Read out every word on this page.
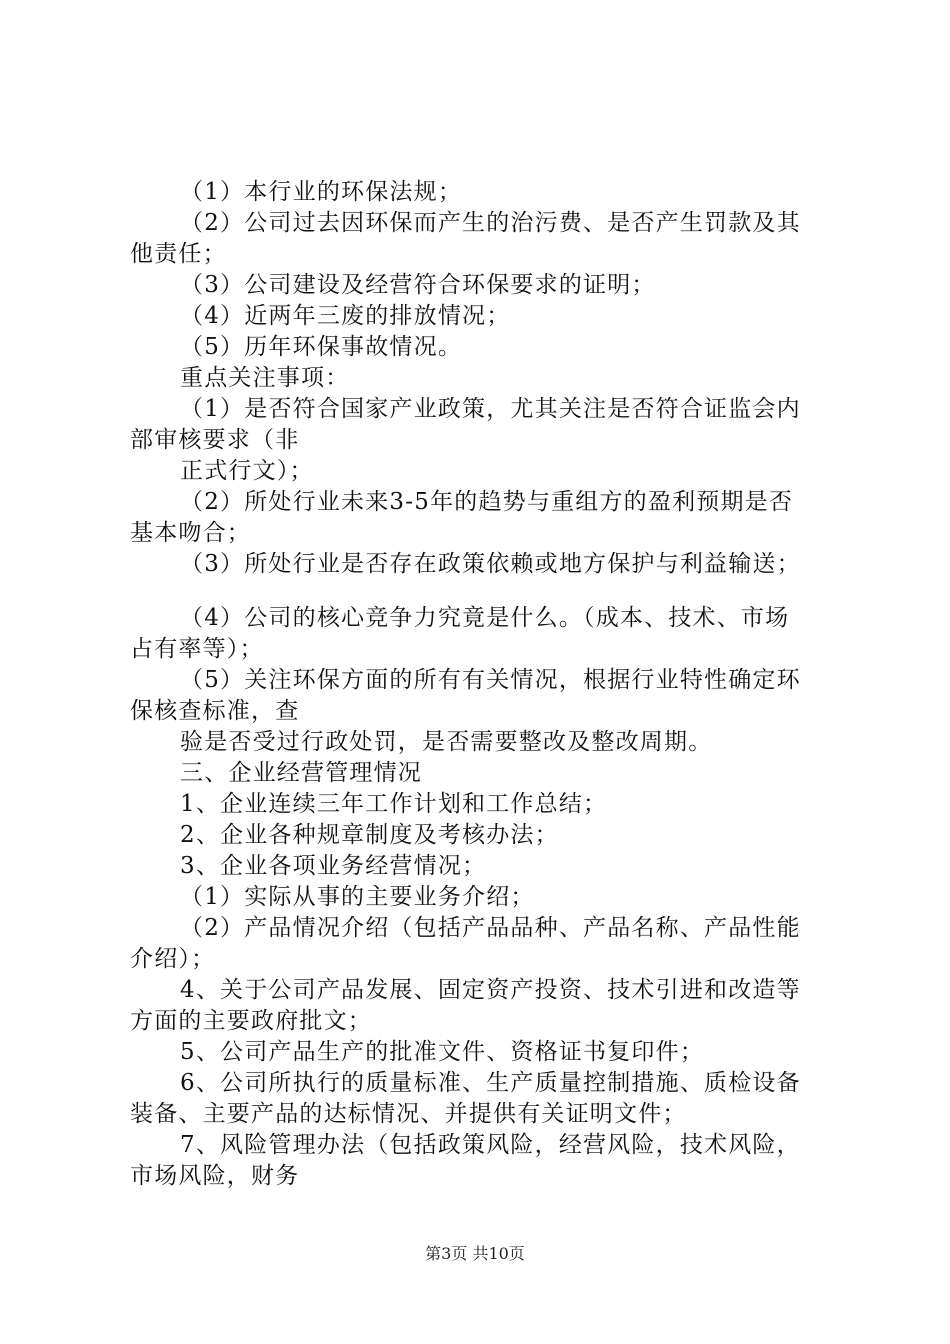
（1）本行业的环保法规；

（2）公司过去因环保而产生的治污费、是否产生罚款及其

他责任；

（3）公司建设及经营符合环保要求的证明；

（4）近两年三废的排放情况；

（5）历年环保事故情况。

重点关注事项：

（1）是否符合国家产业政策，尤其关注是否符合证监会内

部审核要求（非

正式行文）；

（2）所处行业未来3-5年的趋势与重组方的盈利预期是否

基本吻合；

（3）所处行业是否存在政策依赖或地方保护与利益输送；

（4）公司的核心竞争力究竟是什么。（成本、技术、市场

占有率等）；

（5）关注环保方面的所有有关情况，根据行业特性确定环

保核查标准，查

验是否受过行政处罚，是否需要整改及整改周期。

三、企业经营管理情况

1、企业连续三年工作计划和工作总结；

2、企业各种规章制度及考核办法；

3、企业各项业务经营情况；

（1）实际从事的主要业务介绍；

（2）产品情况介绍（包括产品品种、产品名称、产品性能

介绍）；

4、关于公司产品发展、固定资产投资、技术引进和改造等

方面的主要政府批文；

5、公司产品生产的批准文件、资格证书复印件；

6、公司所执行的质量标准、生产质量控制措施、质检设备

装备、主要产品的达标情况、并提供有关证明文件；

7、风险管理办法（包括政策风险，经营风险，技术风险，

市场风险，财务

第3页 共10页
